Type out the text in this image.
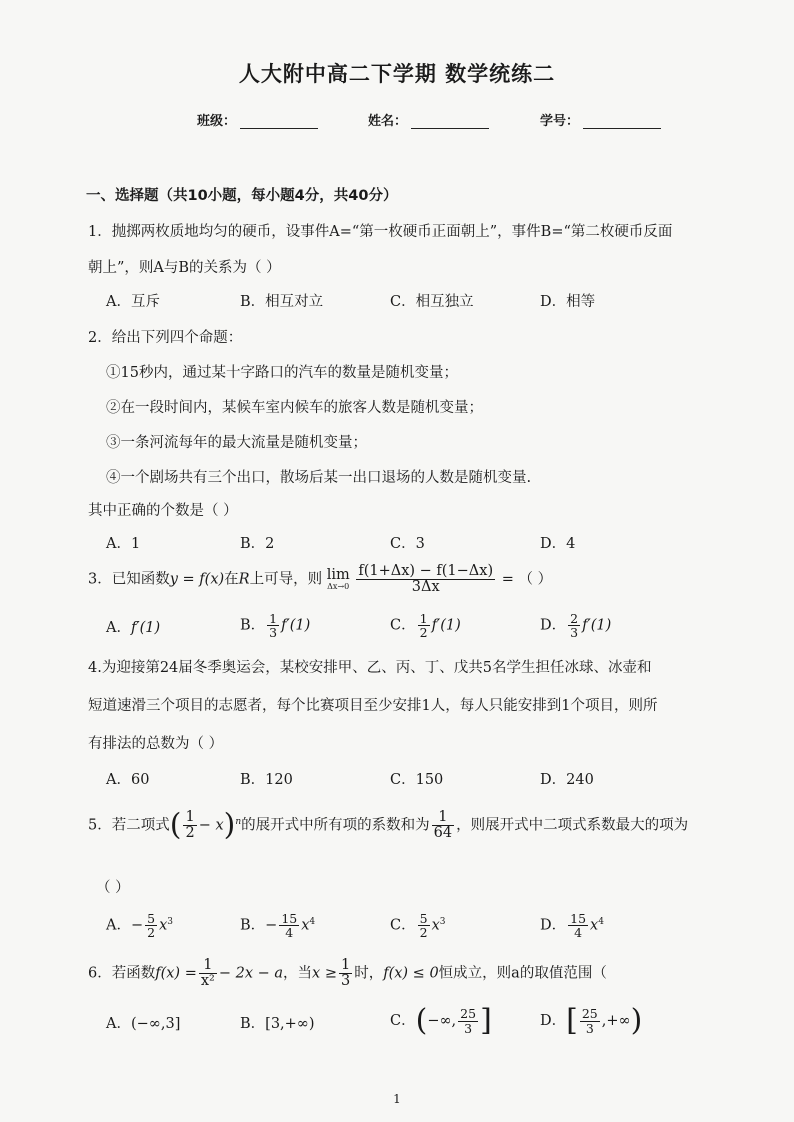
人大附中高二下学期 数学统练二
班级：	姓名：	学号：
一、选择题（共10小题，每小题4分，共40分）
1．抛掷两枚质地均匀的硬币，设事件A=“第一枚硬币正面朝上”，事件B=“第二枚硬币反面
朝上”，则A与B的关系为（ ）
A．互斥	B．相互对立	C．相互独立	D．相等
2．给出下列四个命题：
①15秒内，通过某十字路口的汽车的数量是随机变量；
②在一段时间内，某候车室内候车的旅客人数是随机变量；
③一条河流每年的最大流量是随机变量；
④一个剧场共有三个出口，散场后某一出口退场的人数是随机变量.
其中正确的个数是（ ）
A．1	B．2	C．3	D．4
3．已知函数y = f(x)在R上可导，则 lim
Δx→0
$\frac{f(1+\Delta x) - f(1-\Delta x)}{3\Delta x}$ = （ ）
A．f′(1)	B． $\frac{1}{3} f'(1)$	C． $\frac{1}{2} f'(1)$	D． $\frac{2}{3} f'(1)$
4.为迎接第24届冬季奥运会，某校安排甲、乙、丙、丁、戊共5名学生担任冰球、冰壶和
短道速滑三个项目的志愿者，每个比赛项目至少安排1人，每人只能安排到1个项目，则所
有排法的总数为（ ）
A．60	B．120	C．150	D．240
5．若二项式( $\frac{1}{2} - x)^n$的展开式中所有项的系数和为 $\frac{1}{64}$ ，则展开式中二项式系数最大的项为
（ ）
A．− $\frac{5}{2} x^3$	B．− $\frac{15}{4} x^4$	C． $\frac{5}{2} x^3$	D． $\frac{15}{4} x^4$
6．若函数$f(x) = \frac{1}{\text{x²}} - 2x - a$，当$x \ge \frac{1}{3}$ 时，f(x) ≤ 0恒成立，则a的取值范围（
A．(−∞,3]	B．[3,+∞)	C．(−∞, $\frac{25}{3}$ ]	D．[ $\frac{25}{3}$ ,+∞)
1
